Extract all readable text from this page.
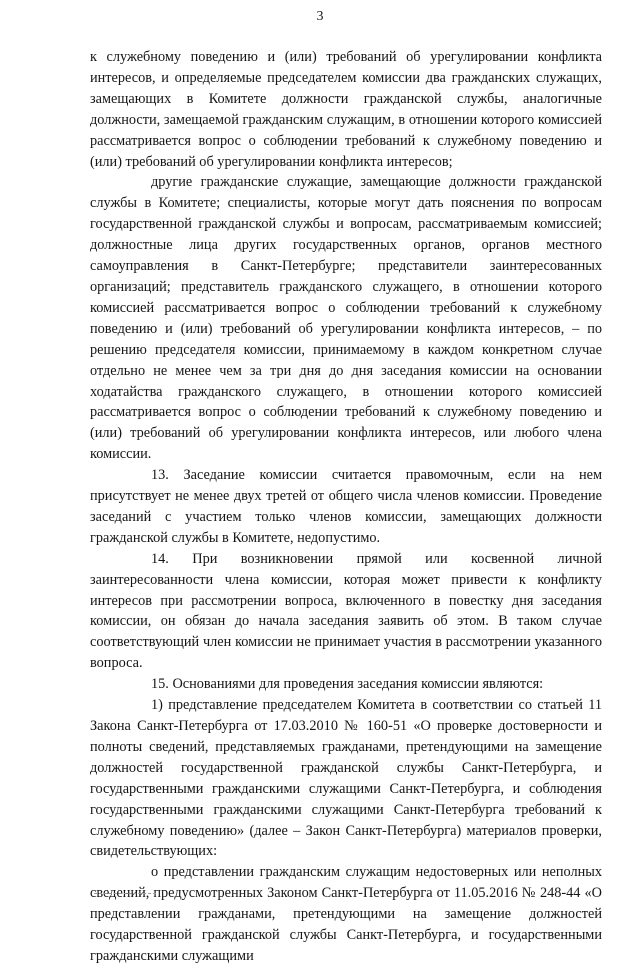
3

к служебному поведению и (или) требований об урегулировании конфликта интересов, и определяемые председателем комиссии два гражданских служащих, замещающих в Комитете должности гражданской службы, аналогичные должности, замещаемой гражданским служащим, в отношении которого комиссией рассматривается вопрос о соблюдении требований к служебному поведению и (или) требований об урегулировании конфликта интересов;

другие гражданские служащие, замещающие должности гражданской службы в Комитете; специалисты, которые могут дать пояснения по вопросам государственной гражданской службы и вопросам, рассматриваемым комиссией; должностные лица других государственных органов, органов местного самоуправления в Санкт-Петербурге; представители заинтересованных организаций; представитель гражданского служащего, в отношении которого комиссией рассматривается вопрос о соблюдении требований к служебному поведению и (или) требований об урегулировании конфликта интересов, – по решению председателя комиссии, принимаемому в каждом конкретном случае отдельно не менее чем за три дня до дня заседания комиссии на основании ходатайства гражданского служащего, в отношении которого комиссией рассматривается вопрос о соблюдении требований к служебному поведению и (или) требований об урегулировании конфликта интересов, или любого члена комиссии.

13. Заседание комиссии считается правомочным, если на нем присутствует не менее двух третей от общего числа членов комиссии. Проведение заседаний с участием только членов комиссии, замещающих должности гражданской службы в Комитете, недопустимо.

14. При возникновении прямой или косвенной личной заинтересованности члена комиссии, которая может привести к конфликту интересов при рассмотрении вопроса, включенного в повестку дня заседания комиссии, он обязан до начала заседания заявить об этом. В таком случае соответствующий член комиссии не принимает участия в рассмотрении указанного вопроса.

15. Основаниями для проведения заседания комиссии являются:

1) представление председателем Комитета в соответствии со статьей 11 Закона Санкт-Петербурга от 17.03.2010 № 160-51 «О проверке достоверности и полноты сведений, представляемых гражданами, претендующими на замещение должностей государственной гражданской службы Санкт-Петербурга, и государственными гражданскими служащими Санкт-Петербурга, и соблюдения государственными гражданскими служащими Санкт-Петербурга требований к служебному поведению» (далее – Закон Санкт-Петербурга) материалов проверки, свидетельствующих:

о представлении гражданским служащим недостоверных или неполных сведений, предусмотренных Законом Санкт-Петербурга от 11.05.2016 № 248-44 «О представлении гражданами, претендующими на замещение должностей государственной гражданской службы Санкт-Петербурга, и государственными гражданскими служащими
